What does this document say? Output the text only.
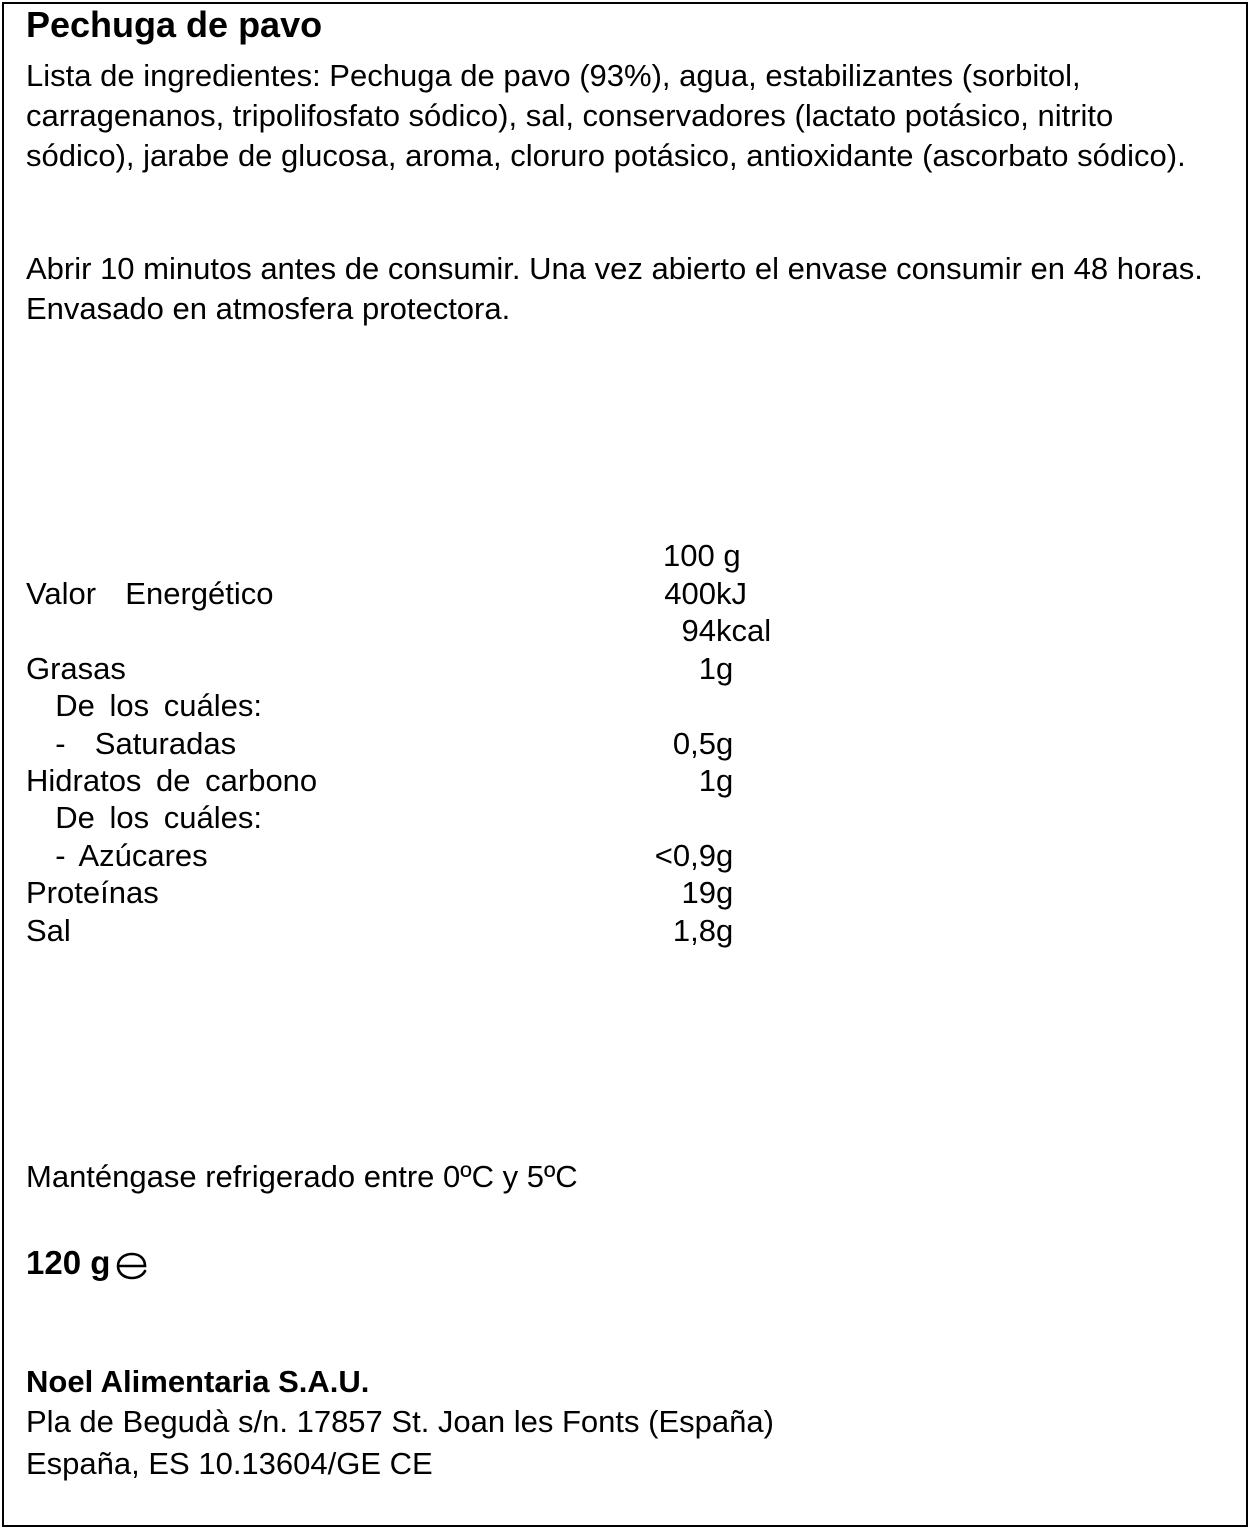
Pechuga de pavo
Lista de ingredientes: Pechuga de pavo (93%), agua, estabilizantes (sorbitol, carragenanos, tripolifosfato sódico), sal, conservadores (lactato potásico, nitrito sódico), jarabe de glucosa, aroma, cloruro potásico, antioxidante (ascorbato sódico).
Abrir 10 minutos antes de consumir. Una vez abierto el envase consumir en 48 horas. Envasado en atmosfera protectora.
100 g
Valor  Energético	400 kJ
94 kcal
Grasas	1 g
De los cuáles:
-  Saturadas	0,5 g
Hidratos de carbono	1 g
De los cuáles:
- Azúcares	<0,9 g
Proteínas	19 g
Sal	1,8 g
Manténgase refrigerado entre 0ºC y 5ºC
120 g
Noel Alimentaria S.A.U.
Pla de Begudà s/n. 17857 St. Joan les Fonts (España)
España, ES 10.13604/GE CE
